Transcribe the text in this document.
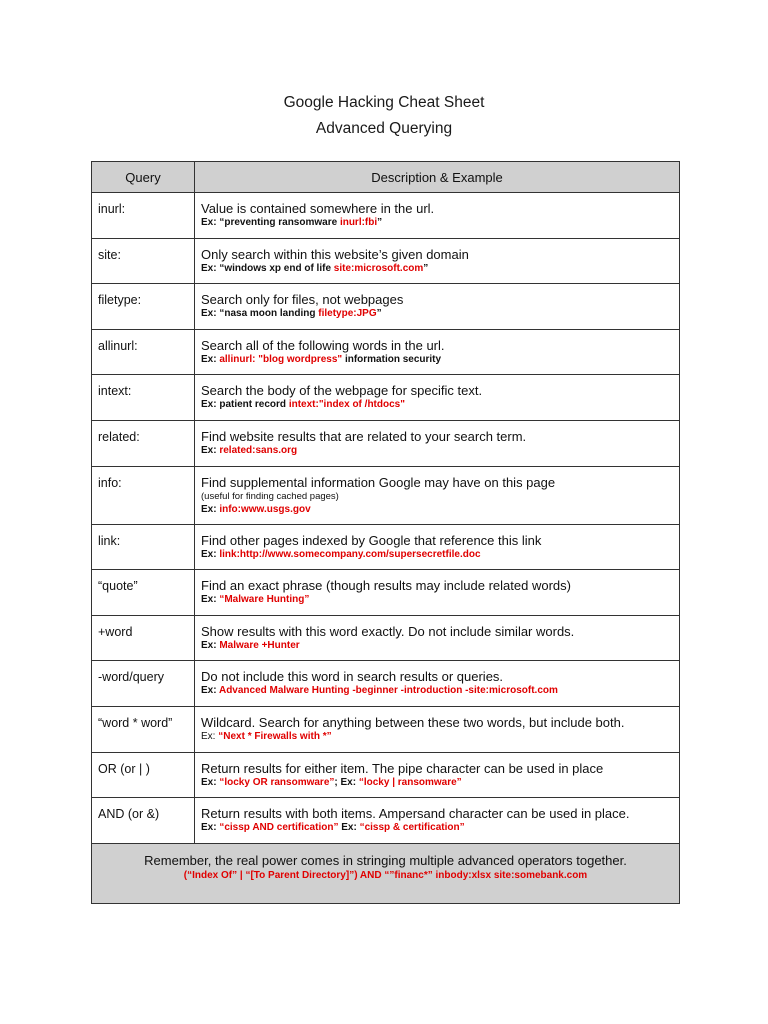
Google Hacking Cheat Sheet
Advanced Querying
Query	Description & Example
inurl:	Value is contained somewhere in the url.
Ex: “preventing ransomware inurl:fbi”

site:	Only search within this website’s given domain
Ex: “windows xp end of life site:microsoft.com”

filetype:	Search only for files, not webpages
Ex: “nasa moon landing filetype:JPG”

allinurl:	Search all of the following words in the url.
Ex: allinurl: "blog wordpress" information security

intext:	Search the body of the webpage for specific text.
Ex: patient record intext:"index of /htdocs"

related:	Find website results that are related to your search term.
Ex: related:sans.org

info:	Find supplemental information Google may have on this page
(useful for finding cached pages)
Ex: info:www.usgs.gov

link:	Find other pages indexed by Google that reference this link
Ex: link:http://www.somecompany.com/supersecretfile.doc

“quote”	Find an exact phrase (though results may include related words)
Ex: “Malware Hunting”

+word	Show results with this word exactly. Do not include similar words.
Ex: Malware +Hunter

-word/query	Do not include this word in search results or queries.
Ex: Advanced Malware Hunting -beginner -introduction -site:microsoft.com

“word * word”	Wildcard. Search for anything between these two words, but include both.
Ex: “Next * Firewalls with *”

OR (or | )	Return results for either item. The pipe character can be used in place
Ex: “locky OR ransomware”; Ex: “locky | ransomware”

AND (or &)	Return results with both items. Ampersand character can be used in place.
Ex: “cissp AND certification” Ex: “cissp & certification”

Remember, the real power comes in stringing multiple advanced operators together.
(“Index Of” | “[To Parent Directory]”) AND “”financ*” inbody:xlsx site:somebank.com	
